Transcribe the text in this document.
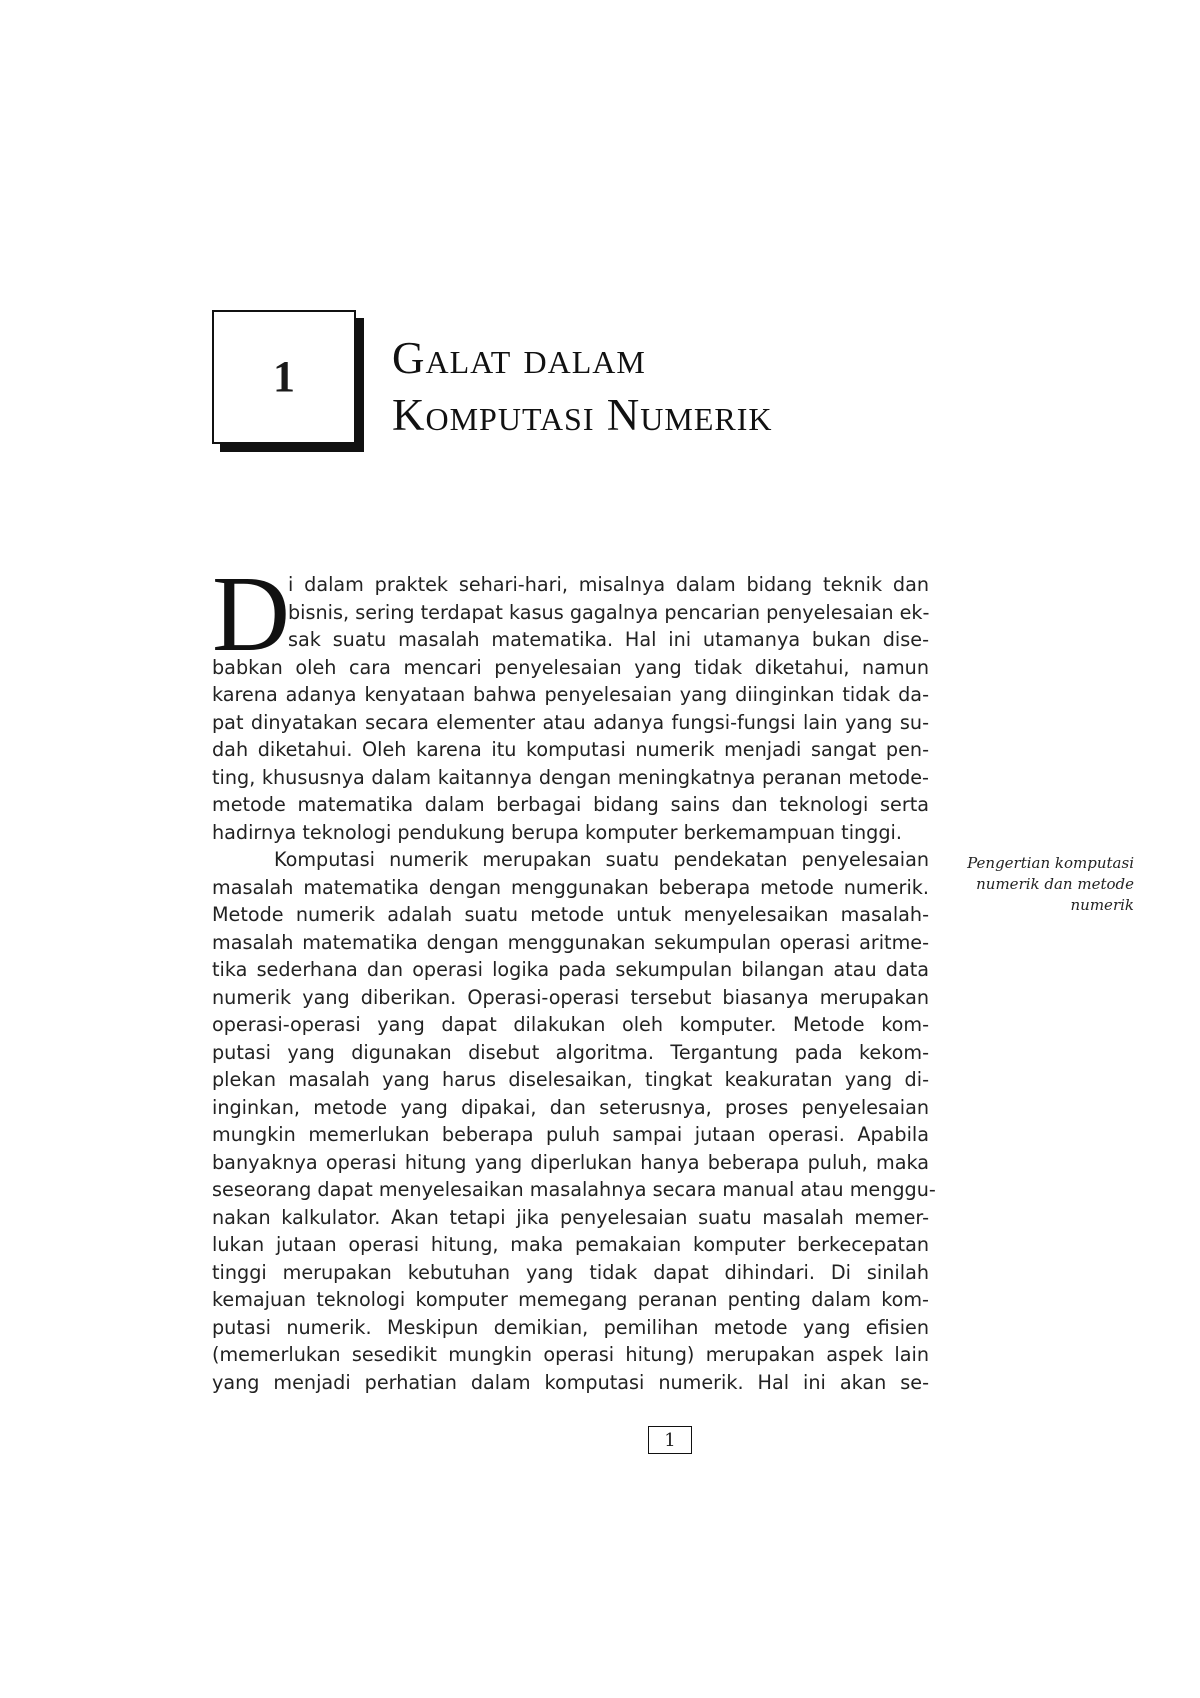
1 Galat dalam
Komputasi Numerik
D
i dalam praktek sehari-hari, misalnya dalam bidang teknik dan
bisnis, sering terdapat kasus gagalnya pencarian penyelesaian ek-
sak suatu masalah matematika. Hal ini utamanya bukan dise-
babkan oleh cara mencari penyelesaian yang tidak diketahui, namun
karena adanya kenyataan bahwa penyelesaian yang diinginkan tidak da-
pat dinyatakan secara elementer atau adanya fungsi-fungsi lain yang su-
dah diketahui. Oleh karena itu komputasi numerik menjadi sangat pen-
ting, khususnya dalam kaitannya dengan meningkatnya peranan metode-
metode matematika dalam berbagai bidang sains dan teknologi serta
hadirnya teknologi pendukung berupa komputer berkemampuan tinggi.
Komputasi numerik merupakan suatu pendekatan penyelesaian
masalah matematika dengan menggunakan beberapa metode numerik.
Metode numerik adalah suatu metode untuk menyelesaikan masalah-
masalah matematika dengan menggunakan sekumpulan operasi aritme-
tika sederhana dan operasi logika pada sekumpulan bilangan atau data
numerik yang diberikan. Operasi-operasi tersebut biasanya merupakan
operasi-operasi yang dapat dilakukan oleh komputer. Metode kom-
putasi yang digunakan disebut algoritma. Tergantung pada kekom-
plekan masalah yang harus diselesaikan, tingkat keakuratan yang di-
inginkan, metode yang dipakai, dan seterusnya, proses penyelesaian
mungkin memerlukan beberapa puluh sampai jutaan operasi. Apabila
banyaknya operasi hitung yang diperlukan hanya beberapa puluh, maka
seseorang dapat menyelesaikan masalahnya secara manual atau menggu-
nakan kalkulator. Akan tetapi jika penyelesaian suatu masalah memer-
lukan jutaan operasi hitung, maka pemakaian komputer berkecepatan
tinggi merupakan kebutuhan yang tidak dapat dihindari. Di sinilah
kemajuan teknologi komputer memegang peranan penting dalam kom-
putasi numerik. Meskipun demikian, pemilihan metode yang efisien
(memerlukan sesedikit mungkin operasi hitung) merupakan aspek lain
yang menjadi perhatian dalam komputasi numerik. Hal ini akan se-
Pengertian komputasi
numerik dan metode
numerik
1
